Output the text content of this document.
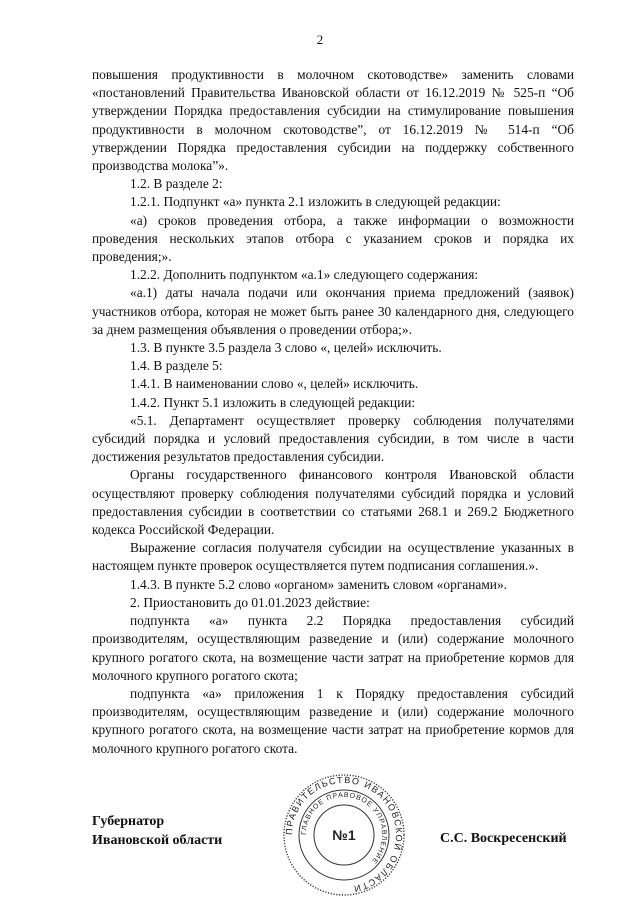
2

повышения продуктивности в молочном скотоводстве» заменить словами «постановлений Правительства Ивановской области от 16.12.2019 № 525-п “Об утверждении Порядка предоставления субсидии на стимулирование повышения продуктивности в молочном скотоводстве”, от 16.12.2019 № 514-п “Об утверждении Порядка предоставления субсидии на поддержку собственного производства молока”».

1.2. В разделе 2:

1.2.1. Подпункт «а» пункта 2.1 изложить в следующей редакции:

«а) сроков проведения отбора, а также информации о возможности проведения нескольких этапов отбора с указанием сроков и порядка их проведения;».

1.2.2. Дополнить подпунктом «а.1» следующего содержания:

«а.1) даты начала подачи или окончания приема предложений (заявок) участников отбора, которая не может быть ранее 30 календарного дня, следующего за днем размещения объявления о проведении отбора;».

1.3. В пункте 3.5 раздела 3 слово «, целей» исключить.

1.4. В разделе 5:

1.4.1. В наименовании слово «, целей» исключить.

1.4.2. Пункт 5.1 изложить в следующей редакции:

«5.1. Департамент осуществляет проверку соблюдения получателями субсидий порядка и условий предоставления субсидии, в том числе в части достижения результатов предоставления субсидии.

Органы государственного финансового контроля Ивановской области осуществляют проверку соблюдения получателями субсидий порядка и условий предоставления субсидии в соответствии со статьями 268.1 и 269.2 Бюджетного кодекса Российской Федерации.

Выражение согласия получателя субсидии на осуществление указанных в настоящем пункте проверок осуществляется путем подписания соглашения.».

1.4.3. В пункте 5.2 слово «органом» заменить словом «органами».

2. Приостановить до 01.01.2023 действие:

подпункта «а» пункта 2.2 Порядка предоставления субсидий производителям, осуществляющим разведение и (или) содержание молочного крупного рогатого скота, на возмещение части затрат на приобретение кормов для молочного крупного рогатого скота;

подпункта «а» приложения 1 к Порядку предоставления субсидий производителям, осуществляющим разведение и (или) содержание молочного крупного рогатого скота, на возмещение части затрат на приобретение кормов для молочного крупного рогатого скота.

Губернатор
Ивановской области
ПРАВИТЕЛЬСТВО ИВАНОВСКОЙ ОБЛАСТИ
ГЛАВНОЕ ПРАВОВОЕ УПРАВЛЕНИЕ
№1	С.С. Воскресенский
